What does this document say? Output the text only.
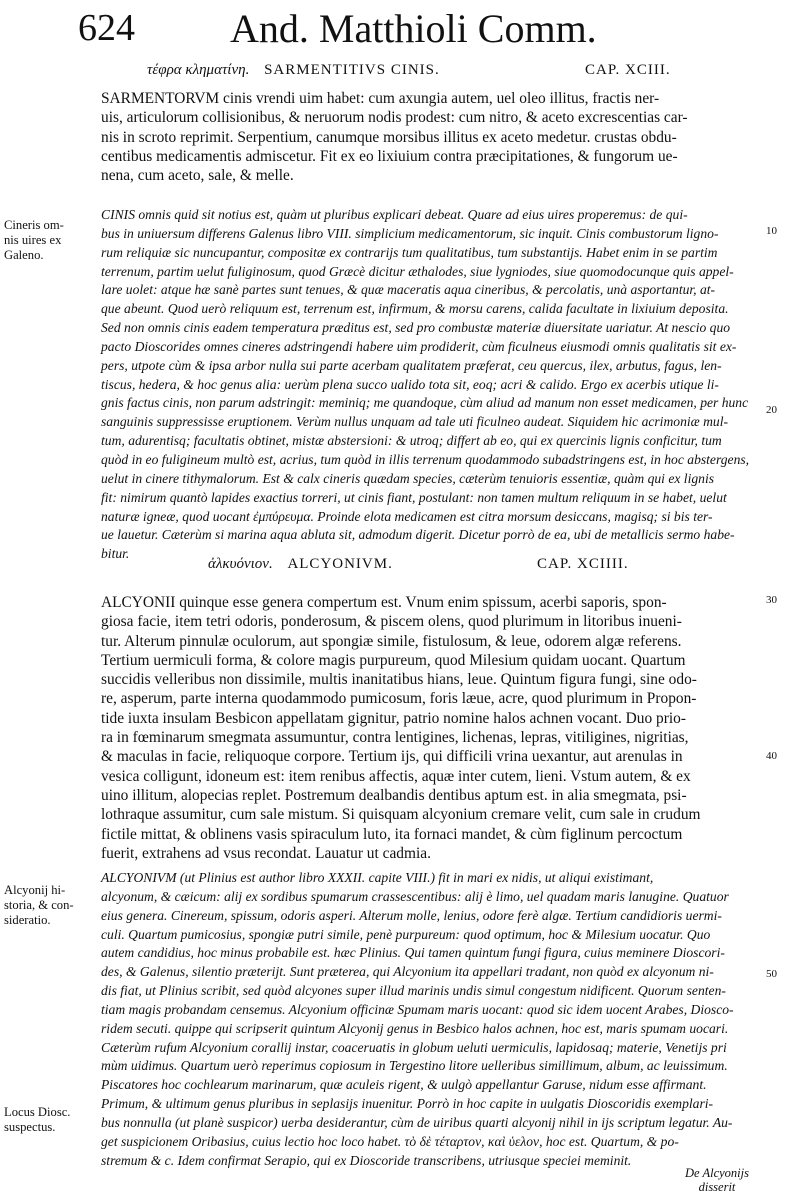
624 And. Matthioli Comm.
τέφρα κληματίνη. SARMENTITIVS CINIS.	CAP. XCIII.

SARMENTORVM cinis vrendi uim habet: cum axungia autem, uel oleo illitus, fractis ner-
uis, articulorum collisionibus, & neruorum nodis prodest: cum nitro, & aceto excrescentias car-
nis in scroto reprimit. Serpentium, canumque morsibus illitus ex aceto medetur. crustas obdu-
centibus medicamentis admiscetur. Fit ex eo lixiuium contra præcipitationes, & fungorum ue-
nena, cum aceto, sale, & melle.

CINIS omnis quid sit notius est, quàm ut pluribus explicari debeat. Quare ad eius uires properemus: de qui-
bus in uniuersum differens Galenus libro VIII. simplicium medicamentorum, sic inquit. Cinis combustorum ligno-
rum reliquiæ sic nuncupantur, compositæ ex contrarijs tum qualitatibus, tum substantijs. Habet enim in se partim
terrenum, partim uelut fuliginosum, quod Græcè dicitur æthalodes, siue lygniodes, siue quomodocunque quis appel-
lare uolet: atque hæ sanè partes sunt tenues, & quæ maceratis aqua cineribus, & percolatis, unà asportantur, at-
que abeunt. Quod uerò reliquum est, terrenum est, infirmum, & morsu carens, calida facultate in lixiuium deposita.
Sed non omnis cinis eadem temperatura præditus est, sed pro combustæ materiæ diuersitate uariatur. At nescio quo
pacto Dioscorides omnes cineres adstringendi habere uim prodiderit, cùm ficulneus eiusmodi omnis qualitatis sit ex-
pers, utpote cùm & ipsa arbor nulla sui parte acerbam qualitatem præferat, ceu quercus, ilex, arbutus, fagus, len-
tiscus, hedera, & hoc genus alia: uerùm plena succo ualido tota sit, eoq; acri & calido. Ergo ex acerbis utique li-
gnis factus cinis, non parum adstringit: meminiq; me quandoque, cùm aliud ad manum non esset medicamen, per hunc
sanguinis suppressisse eruptionem. Verùm nullus unquam ad tale uti ficulneo audeat. Siquidem hic acrimoniæ mul-
tum, adurentisq; facultatis obtinet, mistæ abstersioni: & utroq; differt ab eo, qui ex quercinis lignis conficitur, tum
quòd in eo fuligineum multò est, acrius, tum quòd in illis terrenum quodammodo subadstringens est, in hoc abstergens,
uelut in cinere tithymalorum. Est & calx cineris quædam species, cæterùm tenuioris essentiæ, quàm qui ex lignis
fit: nimirum quantò lapides exactius torreri, ut cinis fiant, postulant: non tamen multum reliquum in se habet, uelut
naturæ igneæ, quod uocant ἐμπύρευμα. Proinde elota medicamen est citra morsum desiccans, magisq; si bis ter-
ue lauetur. Cæterùm si marina aqua abluta sit, admodum digerit. Dicetur porrò de ea, ubi de metallicis sermo habe-
bitur.

ἀλκυόνιον. ALCYONIVM.	CAP. XCIIII.

ALCYONII quinque esse genera compertum est. Vnum enim spissum, acerbi saporis, spon-
giosa facie, item tetri odoris, ponderosum, & piscem olens, quod plurimum in litoribus inueni-
tur. Alterum pinnulæ oculorum, aut spongiæ simile, fistulosum, & leue, odorem algæ referens.
Tertium uermiculi forma, & colore magis purpureum, quod Milesium quidam uocant. Quartum
succidis velleribus non dissimile, multis inanitatibus hians, leue. Quintum figura fungi, sine odo-
re, asperum, parte interna quodammodo pumicosum, foris læue, acre, quod plurimum in Propon-
tide iuxta insulam Besbicon appellatam gignitur, patrio nomine halos achnen vocant. Duo prio-
ra in fœminarum smegmata assumuntur, contra lentigines, lichenas, lepras, vitiligines, nigritias,
& maculas in facie, reliquoque corpore. Tertium ijs, qui difficili vrina uexantur, aut arenulas in
vesica colligunt, idoneum est: item renibus affectis, aquæ inter cutem, lieni. Vstum autem, & ex
uino illitum, alopecias replet. Postremum dealbandis dentibus aptum est. in alia smegmata, psi-
lothraque assumitur, cum sale mistum. Si quisquam alcyonium cremare velit, cum sale in crudum
fictile mittat, & oblinens vasis spiraculum luto, ita fornaci mandet, & cùm figlinum percoctum
fuerit, extrahens ad vsus recondat. Lauatur ut cadmia.

ALCYONIVM (ut Plinius est author libro XXXII. capite VIII.) fit in mari ex nidis, ut aliqui existimant,
alcyonum, & cæicum: alij ex sordibus spumarum crassescentibus: alij è limo, uel quadam maris lanugine. Quatuor
eius genera. Cinereum, spissum, odoris asperi. Alterum molle, lenius, odore ferè algæ. Tertium candidioris uermi-
culi. Quartum pumicosius, spongiæ putri simile, penè purpureum: quod optimum, hoc & Milesium uocatur. Quo
autem candidius, hoc minus probabile est. hæc Plinius. Qui tamen quintum fungi figura, cuius meminere Dioscori-
des, & Galenus, silentio præterijt. Sunt præterea, qui Alcyonium ita appellari tradant, non quòd ex alcyonum ni-
dis fiat, ut Plinius scribit, sed quòd alcyones super illud marinis undis simul congestum nidificent. Quorum senten-
tiam magis probandam censemus. Alcyonium officinæ Spumam maris uocant: quod sic idem uocent Arabes, Diosco-
ridem secuti. quippe qui scripserit quintum Alcyonij genus in Besbico halos achnen, hoc est, maris spumam uocari.
Cæterùm rufum Alcyonium corallij instar, coaceruatis in globum ueluti uermiculis, lapidosaq; materie, Venetijs pri
mùm uidimus. Quartum uerò reperimus copiosum in Tergestino litore uelleribus simillimum, album, ac leuissimum.
Piscatores hoc cochlearum marinarum, quæ aculeis rigent, & uulgò appellantur Garuse, nidum esse affirmant.
Primum, & ultimum genus pluribus in seplasijs inuenitur. Porrò in hoc capite in uulgatis Dioscoridis exemplari-
bus nonnulla (ut planè suspicor) uerba desiderantur, cùm de uiribus quarti alcyonij nihil in ijs scriptum legatur. Au-
get suspicionem Oribasius, cuius lectio hoc loco habet. τὸ δὲ τέταρτον, καὶ ὑελον, hoc est. Quartum, & po-
stremum & c. Idem confirmat Serapio, qui ex Dioscoride transcribens, utriusque speciei meminit.

De Alcyonijs
disserit

Cineris om-
nis uires ex
Galeno.

Alcyonij hi-
storia, & con-
sideratio.

Locus Diosc.
suspectus.

10
20
30
40
50
